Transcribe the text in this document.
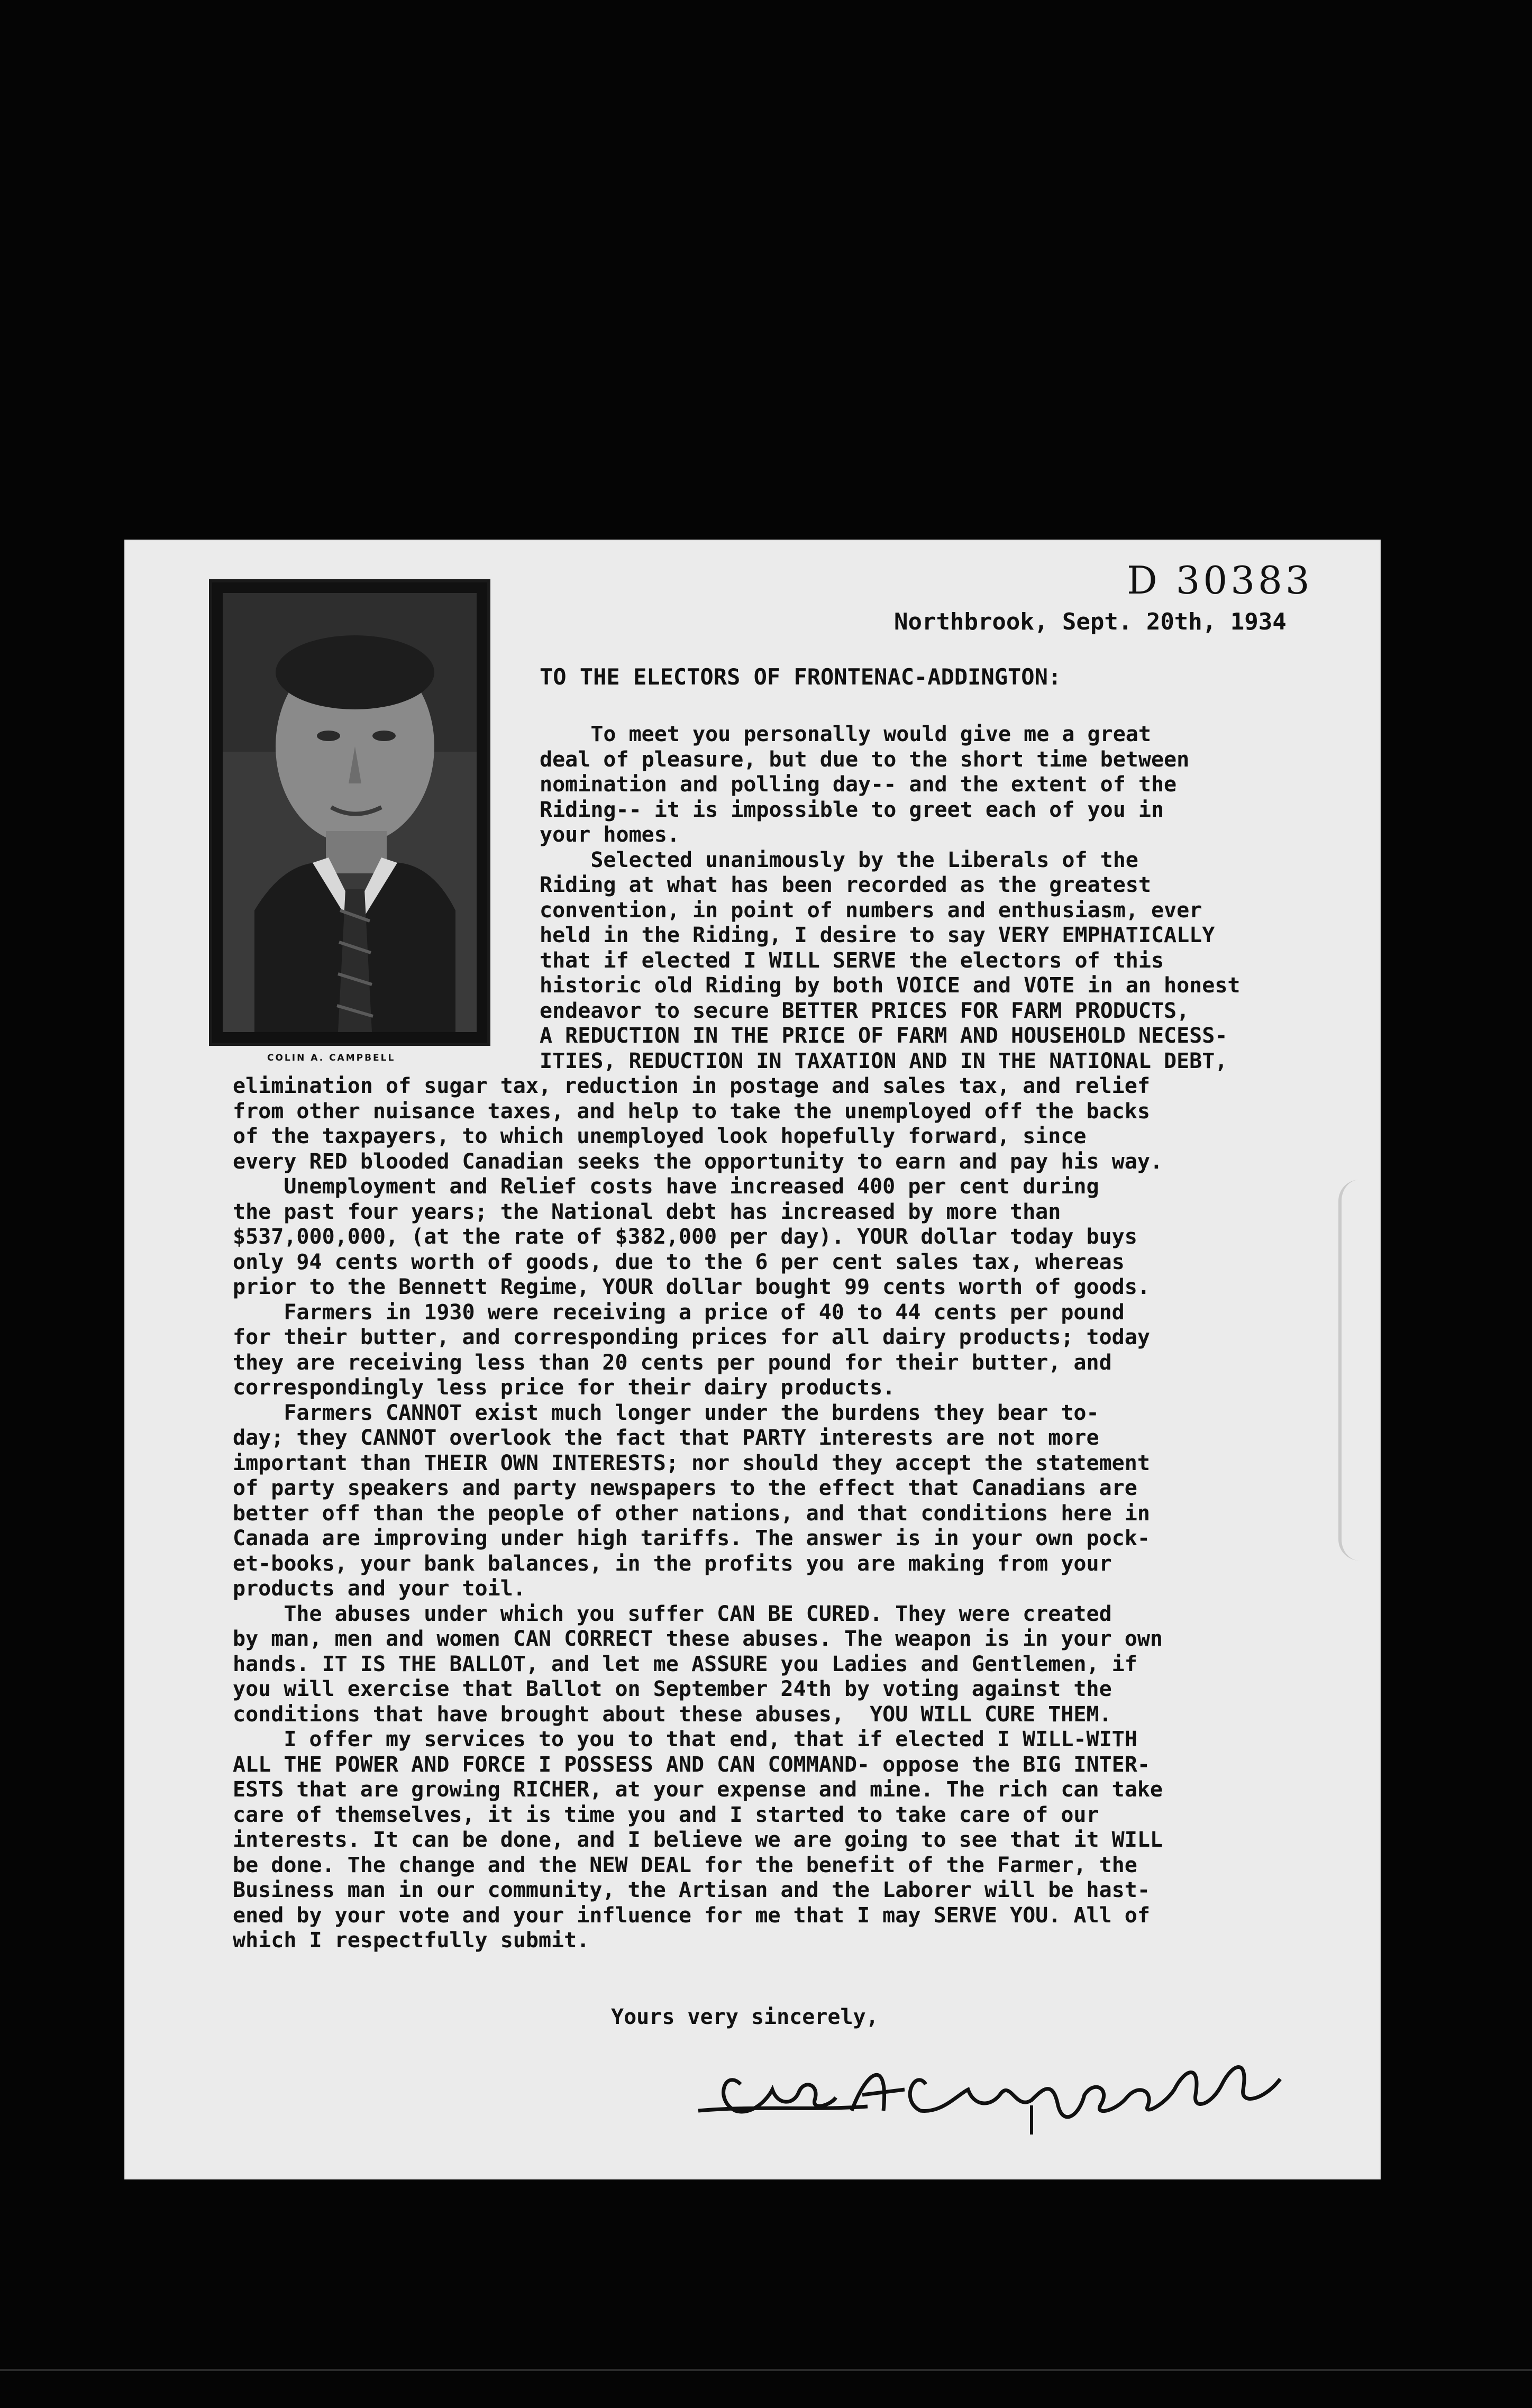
D 30383
Northbrook, Sept. 20th, 1934
COLIN A. CAMPBELL
TO THE ELECTORS OF FRONTENAC-ADDINGTON:
To meet you personally would give me a great
deal of pleasure, but due to the short time between
nomination and polling day-- and the extent of the
Riding-- it is impossible to greet each of you in
your homes.
Selected unanimously by the Liberals of the
Riding at what has been recorded as the greatest
convention, in point of numbers and enthusiasm, ever
held in the Riding, I desire to say VERY EMPHATICALLY
that if elected I WILL SERVE the electors of this
historic old Riding by both VOICE and VOTE in an honest
endeavor to secure BETTER PRICES FOR FARM PRODUCTS,
A REDUCTION IN THE PRICE OF FARM AND HOUSEHOLD NECESS-
ITIES, REDUCTION IN TAXATION AND IN THE NATIONAL DEBT,
elimination of sugar tax, reduction in postage and sales tax, and relief
from other nuisance taxes, and help to take the unemployed off the backs
of the taxpayers, to which unemployed look hopefully forward, since
every RED blooded Canadian seeks the opportunity to earn and pay his way.
Unemployment and Relief costs have increased 400 per cent during
the past four years; the National debt has increased by more than
$537,000,000, (at the rate of $382,000 per day). YOUR dollar today buys
only 94 cents worth of goods, due to the 6 per cent sales tax, whereas
prior to the Bennett Regime, YOUR dollar bought 99 cents worth of goods.
Farmers in 1930 were receiving a price of 40 to 44 cents per pound
for their butter, and corresponding prices for all dairy products; today
they are receiving less than 20 cents per pound for their butter, and
correspondingly less price for their dairy products.
Farmers CANNOT exist much longer under the burdens they bear to-
day; they CANNOT overlook the fact that PARTY interests are not more
important than THEIR OWN INTERESTS; nor should they accept the statement
of party speakers and party newspapers to the effect that Canadians are
better off than the people of other nations, and that conditions here in
Canada are improving under high tariffs. The answer is in your own pock-
et-books, your bank balances, in the profits you are making from your
products and your toil.
The abuses under which you suffer CAN BE CURED. They were created
by man, men and women CAN CORRECT these abuses. The weapon is in your own
hands. IT IS THE BALLOT, and let me ASSURE you Ladies and Gentlemen, if
you will exercise that Ballot on September 24th by voting against the
conditions that have brought about these abuses,  YOU WILL CURE THEM.
I offer my services to you to that end, that if elected I WILL-WITH
ALL THE POWER AND FORCE I POSSESS AND CAN COMMAND- oppose the BIG INTER-
ESTS that are growing RICHER, at your expense and mine. The rich can take
care of themselves, it is time you and I started to take care of our
interests. It can be done, and I believe we are going to see that it WILL
be done. The change and the NEW DEAL for the benefit of the Farmer, the
Business man in our community, the Artisan and the Laborer will be hast-
ened by your vote and your influence for me that I may SERVE YOU. All of
which I respectfully submit.
Yours very sincerely,
